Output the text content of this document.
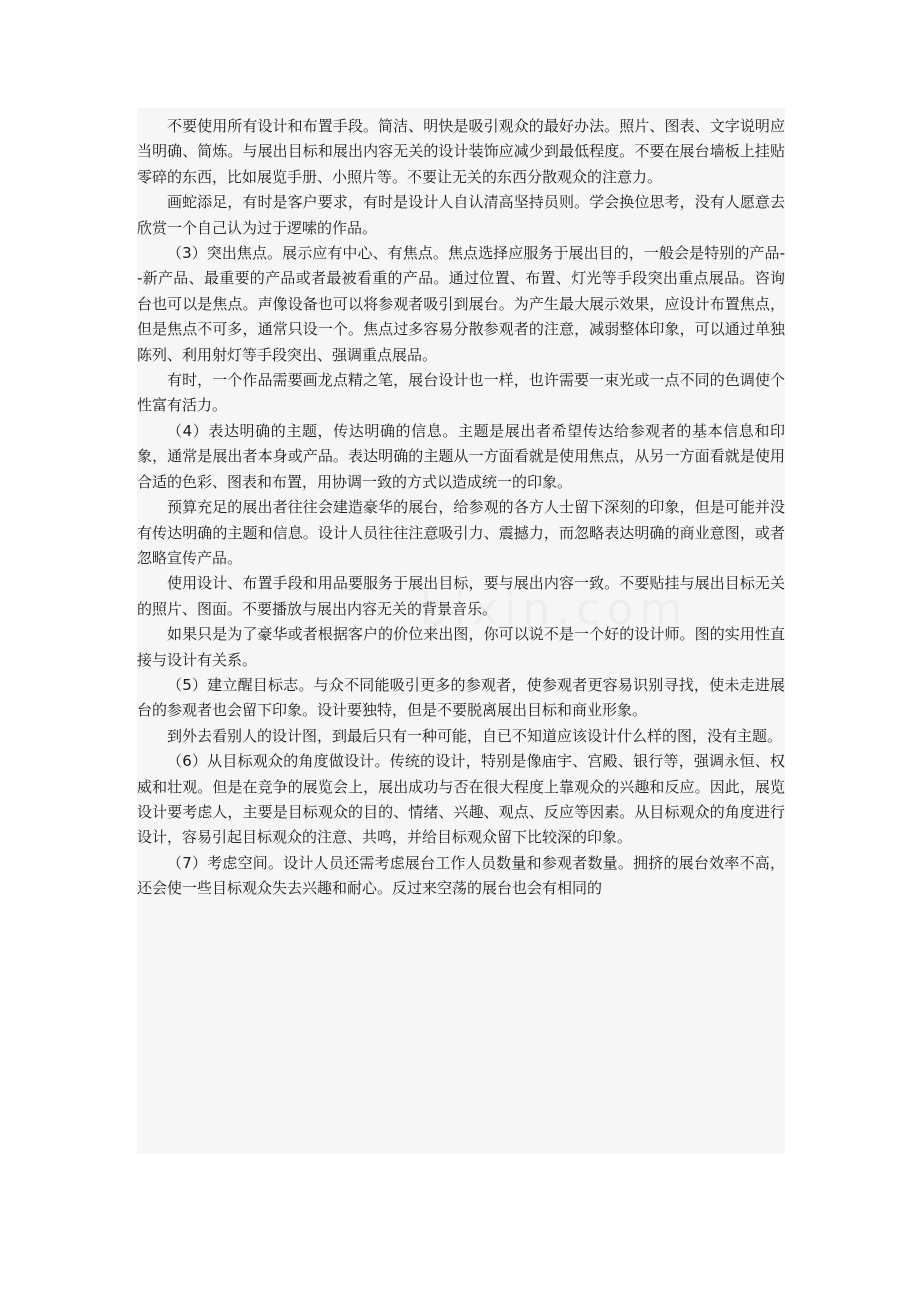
不要使用所有设计和布置手段。简洁、明快是吸引观众的最好办法。照片、图表、文字说明应当明确、简炼。与展出目标和展出内容无关的设计装饰应减少到最低程度。不要在展台墙板上挂贴零碎的东西，比如展览手册、小照片等。不要让无关的东西分散观众的注意力。

画蛇添足，有时是客户要求，有时是设计人自认清高坚持员则。学会换位思考，没有人愿意去欣赏一个自己认为过于逻嗦的作品。

（3）突出焦点。展示应有中心、有焦点。焦点选择应服务于展出目的，一般会是特别的产品--新产品、最重要的产品或者最被看重的产品。通过位置、布置、灯光等手段突出重点展品。咨询台也可以是焦点。声像设备也可以将参观者吸引到展台。为产生最大展示效果，应设计布置焦点，但是焦点不可多，通常只设一个。焦点过多容易分散参观者的注意，减弱整体印象，可以通过单独陈列、利用射灯等手段突出、强调重点展品。

有时，一个作品需要画龙点精之笔，展台设计也一样，也许需要一束光或一点不同的色调使个性富有活力。

（4）表达明确的主题，传达明确的信息。主题是展出者希望传达给参观者的基本信息和印象，通常是展出者本身或产品。表达明确的主题从一方面看就是使用焦点，从另一方面看就是使用合适的色彩、图表和布置，用协调一致的方式以造成统一的印象。

预算充足的展出者往往会建造豪华的展台，给参观的各方人士留下深刻的印象，但是可能并没有传达明确的主题和信息。设计人员往往注意吸引力、震撼力，而忽略表达明确的商业意图，或者忽略宣传产品。

使用设计、布置手段和用品要服务于展出目标，要与展出内容一致。不要贴挂与展出目标无关的照片、图面。不要播放与展出内容无关的背景音乐。

如果只是为了豪华或者根据客户的价位来出图，你可以说不是一个好的设计师。图的实用性直接与设计有关系。

（5）建立醒目标志。与众不同能吸引更多的参观者，使参观者更容易识别寻找，使未走进展台的参观者也会留下印象。设计要独特，但是不要脱离展出目标和商业形象。

到外去看别人的设计图，到最后只有一种可能，自已不知道应该设计什么样的图，没有主题。

（6）从目标观众的角度做设计。传统的设计，特别是像庙宇、宫殿、银行等，强调永恒、权威和壮观。但是在竞争的展览会上，展出成功与否在很大程度上靠观众的兴趣和反应。因此，展览设计要考虑人，主要是目标观众的目的、情绪、兴趣、观点、反应等因素。从目标观众的角度进行设计，容易引起目标观众的注意、共鸣，并给目标观众留下比较深的印象。

（7）考虑空间。设计人员还需考虑展台工作人员数量和参观者数量。拥挤的展台效率不高，还会使一些目标观众失去兴趣和耐心。反过来空荡的展台也会有相同的
